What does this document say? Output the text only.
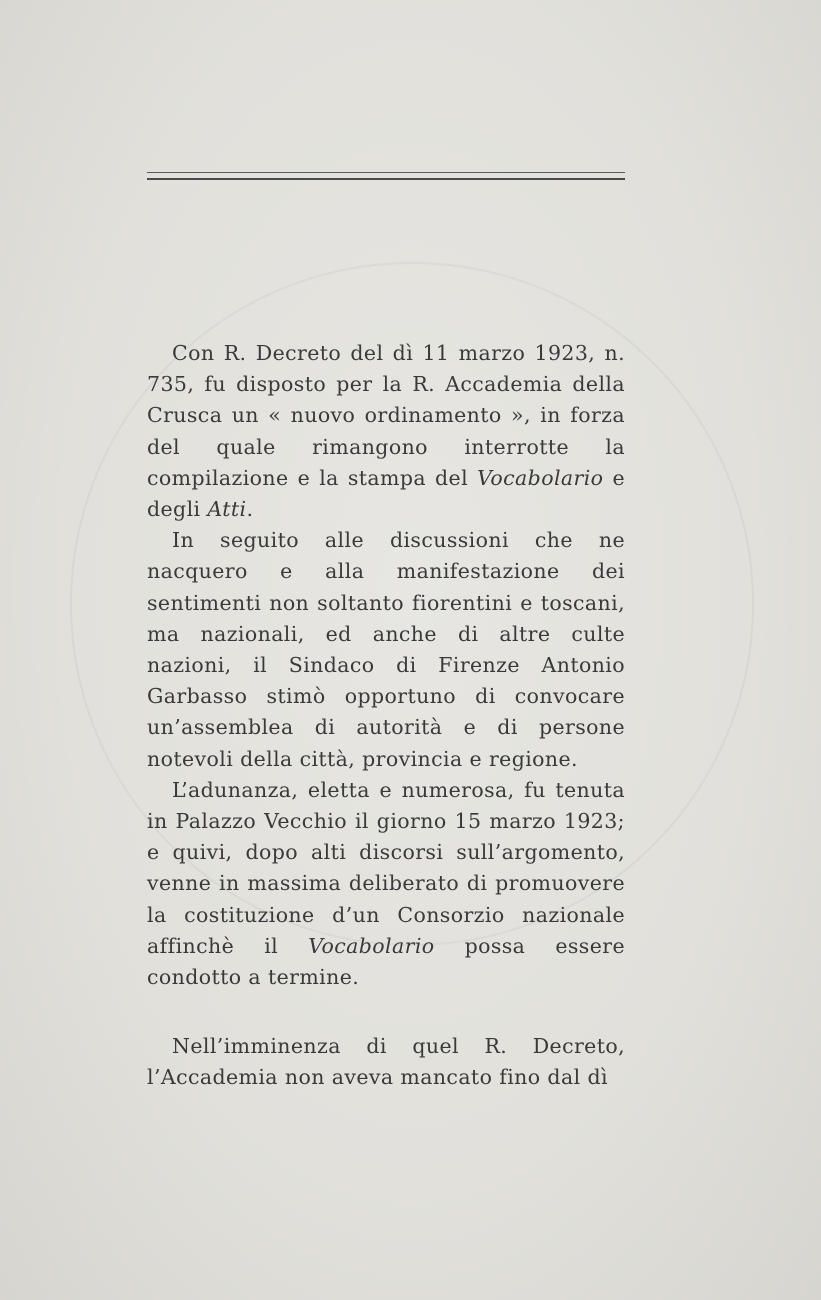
Con R. Decreto del dì 11 marzo 1923, n. 735, fu disposto per la R. Accademia della Crusca un « nuovo ordinamento », in forza del quale rimangono interrotte la compilazione e la stampa del Vocabolario e degli Atti.

In seguito alle discussioni che ne nacquero e alla manifestazione dei sentimenti non soltanto fiorentini e toscani, ma nazionali, ed anche di altre culte nazioni, il Sindaco di Firenze Antonio Garbasso stimò opportuno di convocare un’assemblea di autorità e di persone notevoli della città, provincia e regione.

L’adunanza, eletta e numerosa, fu tenuta in Palazzo Vecchio il giorno 15 marzo 1923; e quivi, dopo alti discorsi sull’argomento, venne in massima deliberato di promuovere la costituzione d’un Consorzio nazionale affinchè il Vocabolario possa essere condotto a termine.

Nell’imminenza di quel R. Decreto, l’Accademia non aveva mancato fino dal dì
